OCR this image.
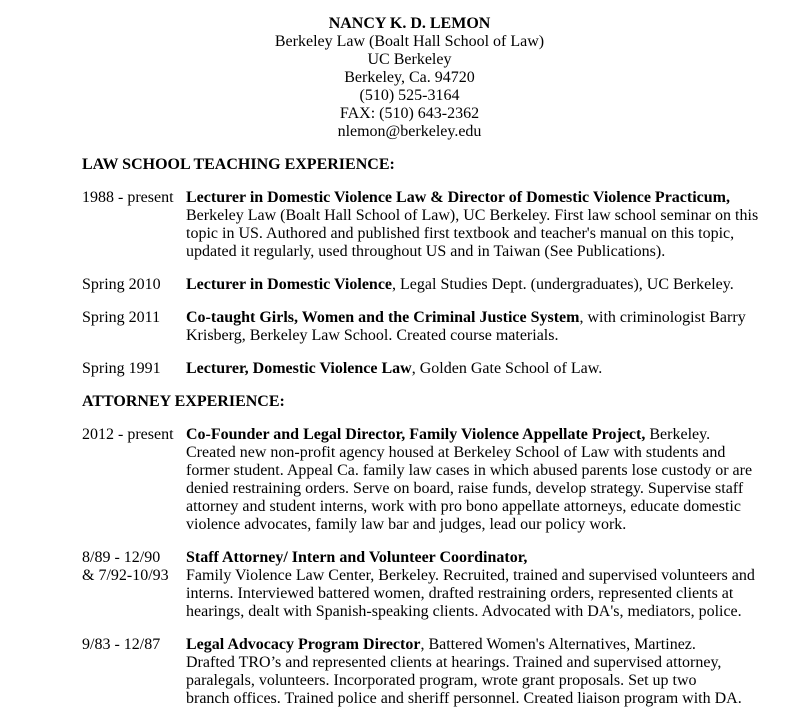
NANCY K. D. LEMON
Berkeley Law (Boalt Hall School of Law)
UC Berkeley
Berkeley, Ca. 94720
(510) 525-3164
FAX: (510) 643-2362
nlemon@berkeley.edu
LAW SCHOOL TEACHING EXPERIENCE:
1988 - present Lecturer in Domestic Violence Law & Director of Domestic Violence Practicum,
Berkeley Law (Boalt Hall School of Law), UC Berkeley. First law school seminar on this
topic in US. Authored and published first textbook and teacher's manual on this topic,
updated it regularly, used throughout US and in Taiwan (See Publications).
Spring 2010	Lecturer in Domestic Violence, Legal Studies Dept. (undergraduates), UC Berkeley.
Spring 2011	Co-taught Girls, Women and the Criminal Justice System, with criminologist Barry
Krisberg, Berkeley Law School. Created course materials.
Spring 1991	Lecturer, Domestic Violence Law, Golden Gate School of Law.
ATTORNEY EXPERIENCE:
2012 - present Co-Founder and Legal Director, Family Violence Appellate Project, Berkeley.
Created new non-profit agency housed at Berkeley School of Law with students and
former student. Appeal Ca. family law cases in which abused parents lose custody or are
denied restraining orders. Serve on board, raise funds, develop strategy. Supervise staff
attorney and student interns, work with pro bono appellate attorneys, educate domestic
violence advocates, family law bar and judges, lead our policy work.
8/89 - 12/90
& 7/92-10/93
Staff Attorney/ Intern and Volunteer Coordinator,
Family Violence Law Center, Berkeley. Recruited, trained and supervised volunteers and
interns. Interviewed battered women, drafted restraining orders, represented clients at
hearings, dealt with Spanish-speaking clients. Advocated with DA's, mediators, police.
9/83 - 12/87	Legal Advocacy Program Director, Battered Women's Alternatives, Martinez.
Drafted TRO’s and represented clients at hearings. Trained and supervised attorney,
paralegals, volunteers. Incorporated program, wrote grant proposals. Set up two
branch offices. Trained police and sheriff personnel. Created liaison program with DA.
